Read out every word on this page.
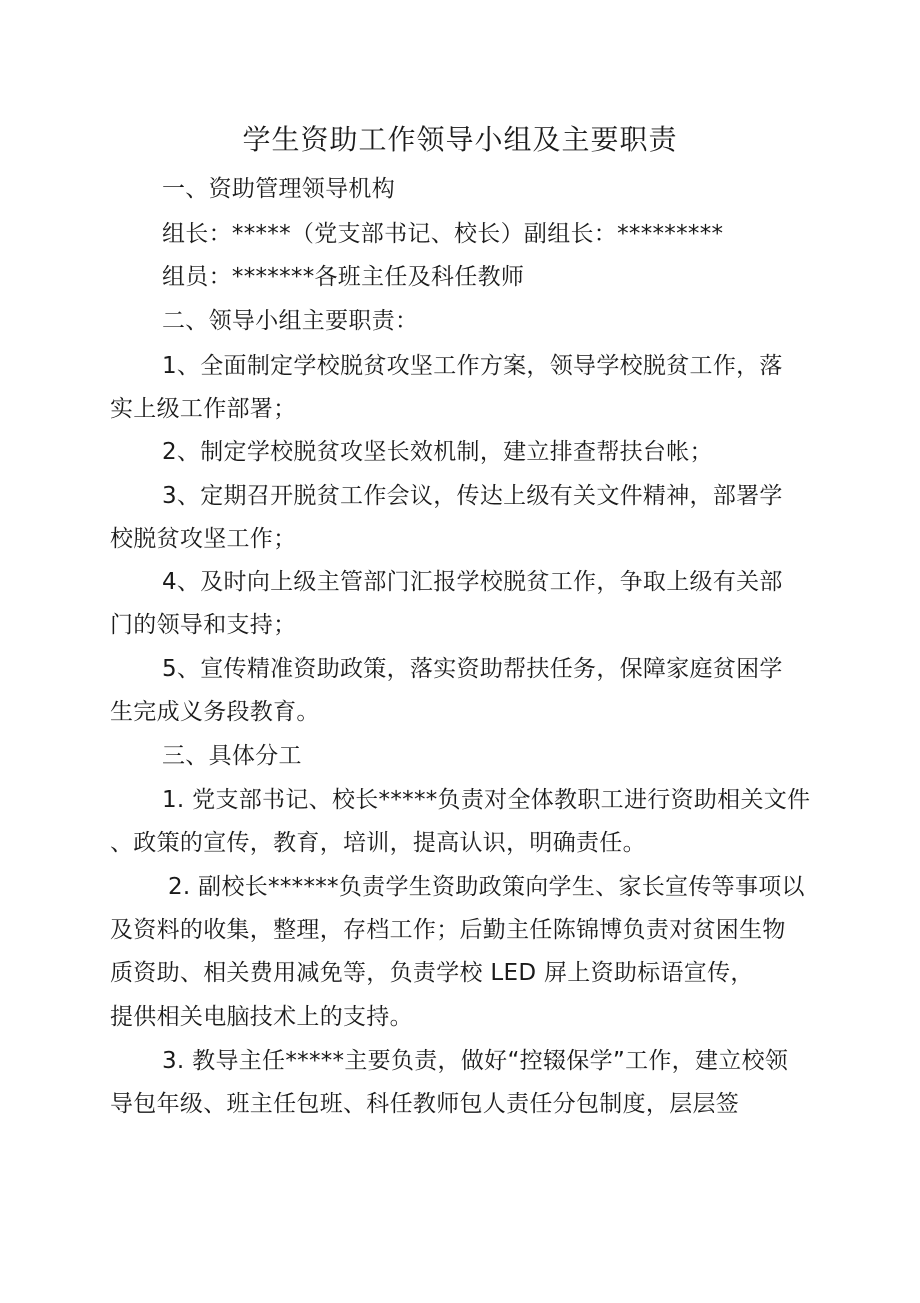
学生资助工作领导小组及主要职责
一、资助管理领导机构
组长：*****（党支部书记、校长）副组长：*********
组员：*******各班主任及科任教师
二、领导小组主要职责：
1、全面制定学校脱贫攻坚工作方案，领导学校脱贫工作，落
实上级工作部署；
2、制定学校脱贫攻坚长效机制，建立排查帮扶台帐；
3、定期召开脱贫工作会议，传达上级有关文件精神，部署学
校脱贫攻坚工作；
4、及时向上级主管部门汇报学校脱贫工作，争取上级有关部
门的领导和支持；
5、宣传精准资助政策，落实资助帮扶任务，保障家庭贫困学
生完成义务段教育。
三、具体分工
1. 党支部书记、校长*****负责对全体教职工进行资助相关文件
、政策的宣传，教育，培训，提高认识，明确责任。
2. 副校长******负责学生资助政策向学生、家长宣传等事项以
及资料的收集，整理，存档工作；后勤主任陈锦博负责对贫困生物
质资助、相关费用减免等，负责学校 LED 屏上资助标语宣传，
提供相关电脑技术上的支持。
3. 教导主任*****主要负责，做好“控辍保学”工作，建立校领
导包年级、班主任包班、科任教师包人责任分包制度，层层签
